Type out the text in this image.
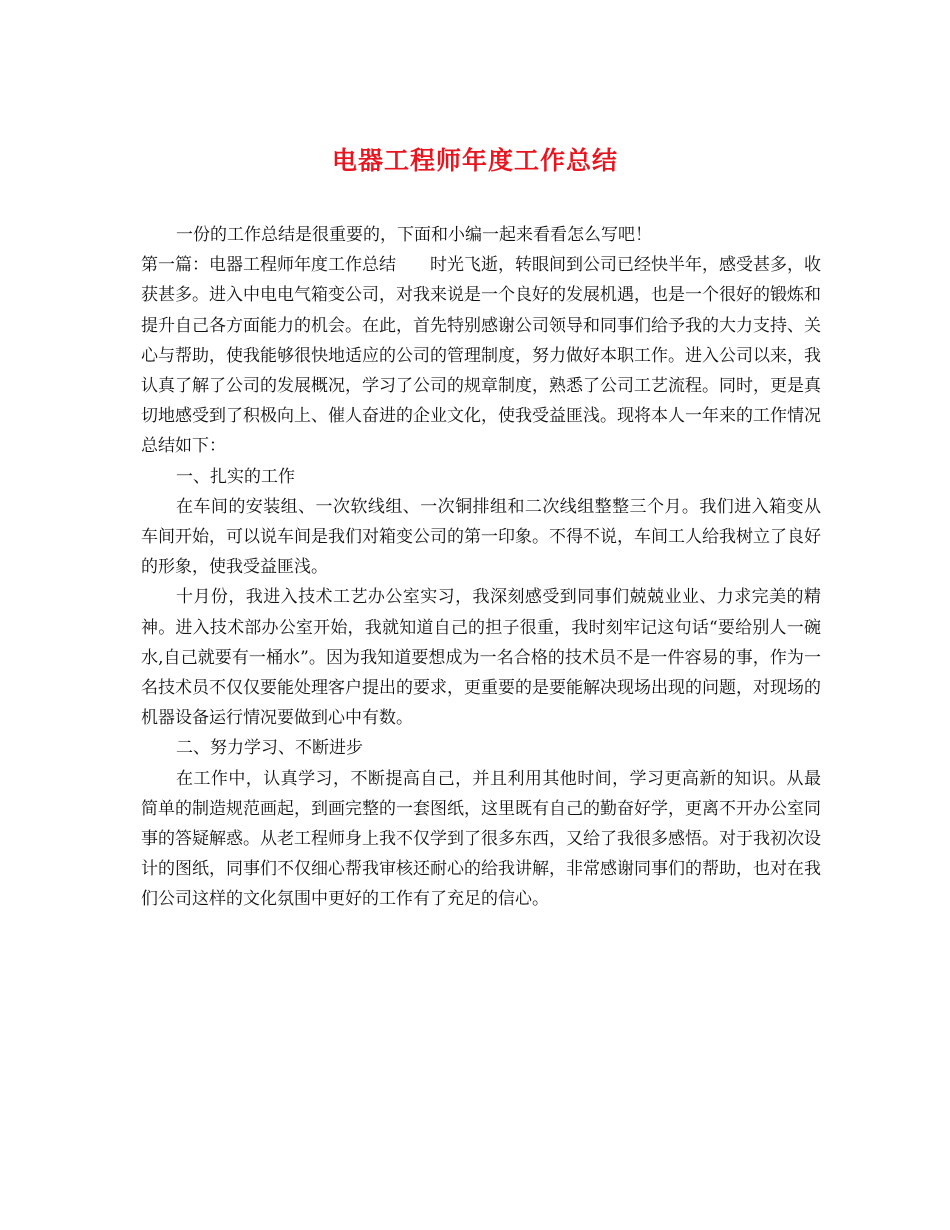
电器工程师年度工作总结

一份的工作总结是很重要的，下面和小编一起来看看怎么写吧！

第一篇：电器工程师年度工作总结 时光飞逝，转眼间到公司已经快半年，感受甚多，收获甚多。进入中电电气箱变公司，对我来说是一个良好的发展机遇，也是一个很好的锻炼和提升自己各方面能力的机会。在此，首先特别感谢公司领导和同事们给予我的大力支持、关心与帮助，使我能够很快地适应的公司的管理制度，努力做好本职工作。进入公司以来，我认真了解了公司的发展概况，学习了公司的规章制度，熟悉了公司工艺流程。同时，更是真切地感受到了积极向上、催人奋进的企业文化，使我受益匪浅。现将本人一年来的工作情况总结如下：

一、扎实的工作

在车间的安装组、一次软线组、一次铜排组和二次线组整整三个月。我们进入箱变从车间开始，可以说车间是我们对箱变公司的第一印象。不得不说，车间工人给我树立了良好的形象，使我受益匪浅。

十月份，我进入技术工艺办公室实习，我深刻感受到同事们兢兢业业、力求完美的精神。进入技术部办公室开始，我就知道自己的担子很重，我时刻牢记这句话“要给别人一碗水,自己就要有一桶水”。因为我知道要想成为一名合格的技术员不是一件容易的事，作为一名技术员不仅仅要能处理客户提出的要求，更重要的是要能解决现场出现的问题，对现场的机器设备运行情况要做到心中有数。

二、努力学习、不断进步

在工作中，认真学习，不断提高自己，并且利用其他时间，学习更高新的知识。从最简单的制造规范画起，到画完整的一套图纸，这里既有自己的勤奋好学，更离不开办公室同事的答疑解惑。从老工程师身上我不仅学到了很多东西，又给了我很多感悟。对于我初次设计的图纸，同事们不仅细心帮我审核还耐心的给我讲解，非常感谢同事们的帮助，也对在我们公司这样的文化氛围中更好的工作有了充足的信心。
